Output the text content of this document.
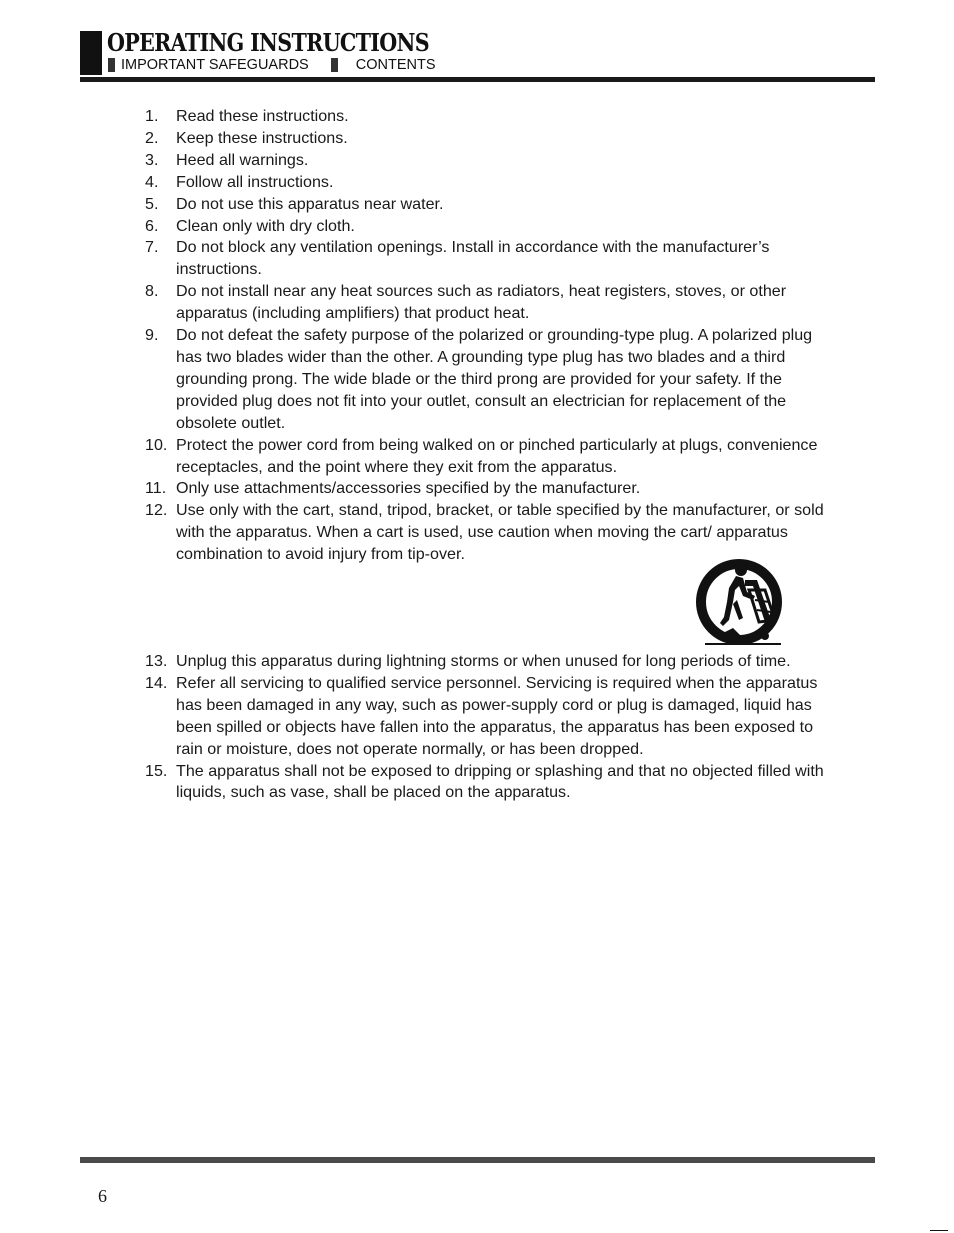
OPERATING INSTRUCTIONS
IMPORTANT SAFEGUARDS	CONTENTS
1. Read these instructions.
2. Keep these instructions.
3. Heed all warnings.
4. Follow all instructions.
5. Do not use this apparatus near water.
6. Clean only with dry cloth.
7. Do not block any ventilation openings. Install in accordance with the manufacturer’s instructions.
8. Do not install near any heat sources such as radiators, heat registers, stoves, or other apparatus (including amplifiers) that product heat.
9. Do not defeat the safety purpose of the polarized or grounding-type plug. A polarized plug has two blades wider than the other. A grounding type plug has two blades and a third grounding prong. The wide blade or the third prong are provided for your safety. If the provided plug does not fit into your outlet, consult an electrician for replacement of the obsolete outlet.
10. Protect the power cord from being walked on or pinched particularly at plugs, convenience receptacles, and the point where they exit from the apparatus.
11. Only use attachments/accessories specified by the manufacturer.
12. Use only with the cart, stand, tripod, bracket, or table specified by the manufacturer, or sold with the apparatus. When a cart is used, use caution when moving the cart/ apparatus combination to avoid injury from tip-over.
13. Unplug this apparatus during lightning storms or when unused for long periods of time.
14. Refer all servicing to qualified service personnel. Servicing is required when the apparatus has been damaged in any way, such as power-supply cord or plug is damaged, liquid has been spilled or objects have fallen into the apparatus, the apparatus has been exposed to rain or moisture, does not operate normally, or has been dropped.
15. The apparatus shall not be exposed to dripping or splashing and that no objected filled with liquids, such as vase, shall be placed on the apparatus.
6
